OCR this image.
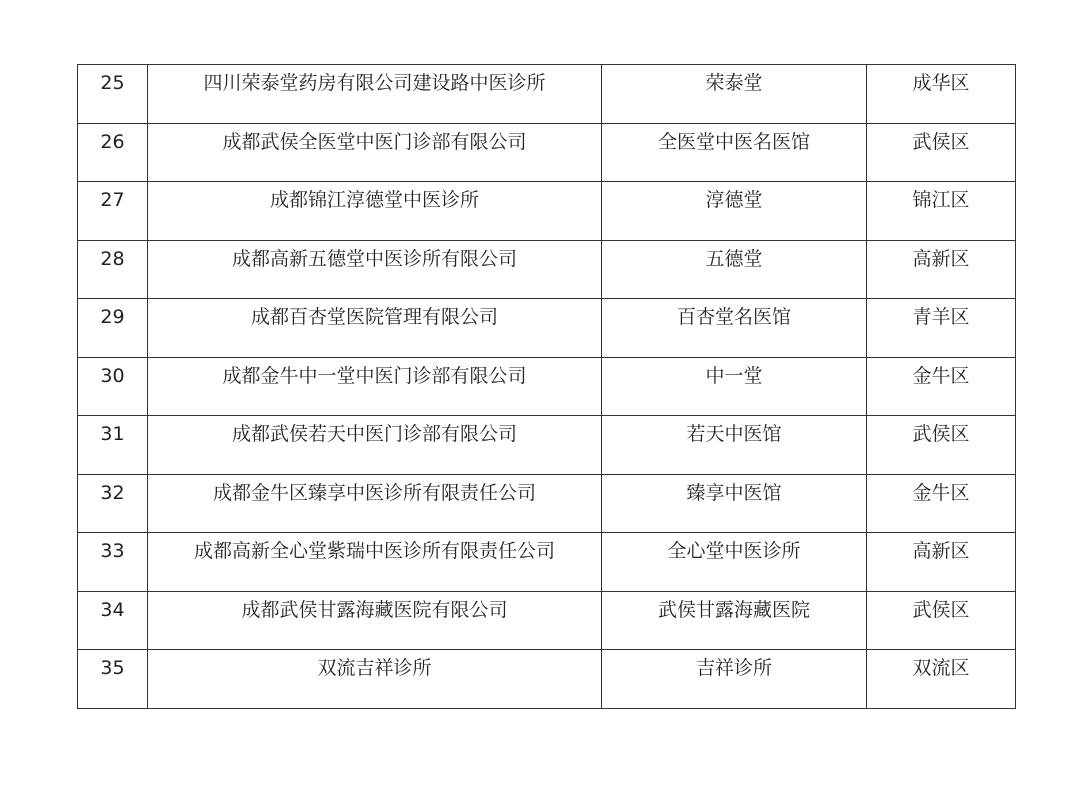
25	四川荣泰堂药房有限公司建设路中医诊所	荣泰堂	成华区
26	成都武侯全医堂中医门诊部有限公司	全医堂中医名医馆	武侯区
27	成都锦江淳德堂中医诊所	淳德堂	锦江区
28	成都高新五德堂中医诊所有限公司	五德堂	高新区
29	成都百杏堂医院管理有限公司	百杏堂名医馆	青羊区
30	成都金牛中一堂中医门诊部有限公司	中一堂	金牛区
31	成都武侯若天中医门诊部有限公司	若天中医馆	武侯区
32	成都金牛区臻享中医诊所有限责任公司	臻享中医馆	金牛区
33	成都高新全心堂紫瑞中医诊所有限责任公司	全心堂中医诊所	高新区
34	成都武侯甘露海藏医院有限公司	武侯甘露海藏医院	武侯区
35	双流吉祥诊所	吉祥诊所	双流区
